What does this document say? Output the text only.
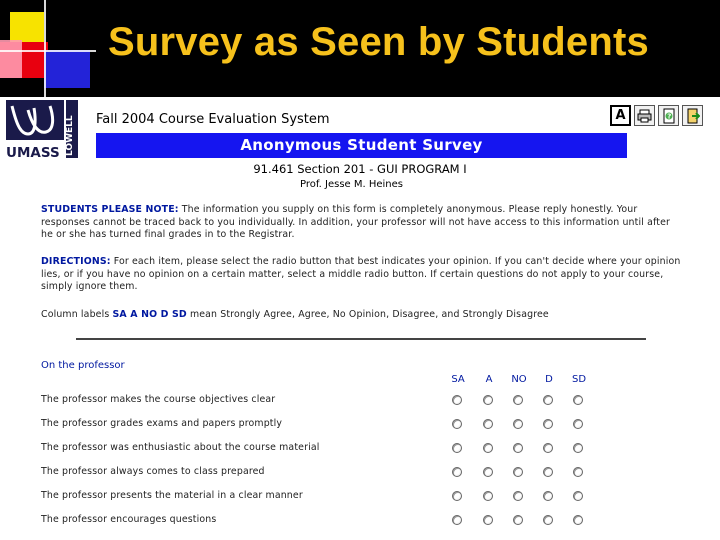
Survey as Seen by Students
LOWELL
UMASS
Fall 2004 Course Evaluation System	A	?
Anonymous Student Survey
91.461 Section 201 - GUI PROGRAM I
Prof. Jesse M. Heines
STUDENTS PLEASE NOTE: The information you supply on this form is completely anonymous. Please reply honestly. Your responses cannot be traced back to you individually. In addition, your professor will not have access to this information until after he or she has turned final grades in to the Registrar.
DIRECTIONS: For each item, please select the radio button that best indicates your opinion. If you can't decide where your opinion lies, or if you have no opinion on a certain matter, select a middle radio button. If certain questions do not apply to your course, simply ignore them.
Column labels SA A NO D SD mean Strongly Agree, Agree, No Opinion, Disagree, and Strongly Disagree
On the professor
SA	A	NO	D	SD
The professor makes the course objectives clear
The professor grades exams and papers promptly
The professor was enthusiastic about the course material
The professor always comes to class prepared
The professor presents the material in a clear manner
The professor encourages questions
